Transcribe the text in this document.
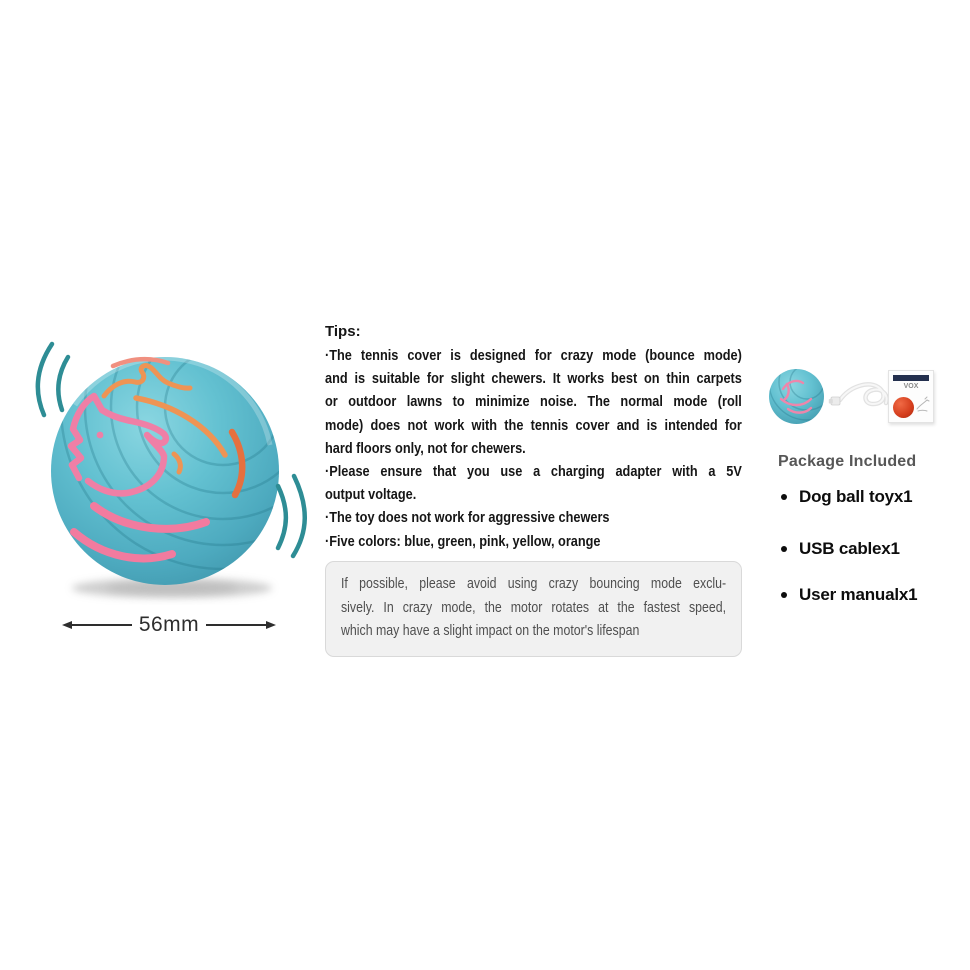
56mm
Tips:
·The tennis cover is designed for crazy mode (bounce mode)
and is suitable for slight chewers. It works best on thin carpets
or outdoor lawns to minimize noise. The normal mode (roll
mode) does not work with the tennis cover and is intended for
hard floors only, not for chewers.
·Please ensure that you use a charging adapter with a 5V
output voltage.
·The toy does not work for aggressive chewers
·Five colors: blue, green, pink, yellow, orange
If possible, please avoid using crazy bouncing mode exclu-
sively. In crazy mode, the motor rotates at the fastest speed,
which may have a slight impact on the motor's lifespan
VOX
Package Included
Dog ball toyx1
USB cablex1
User manualx1
